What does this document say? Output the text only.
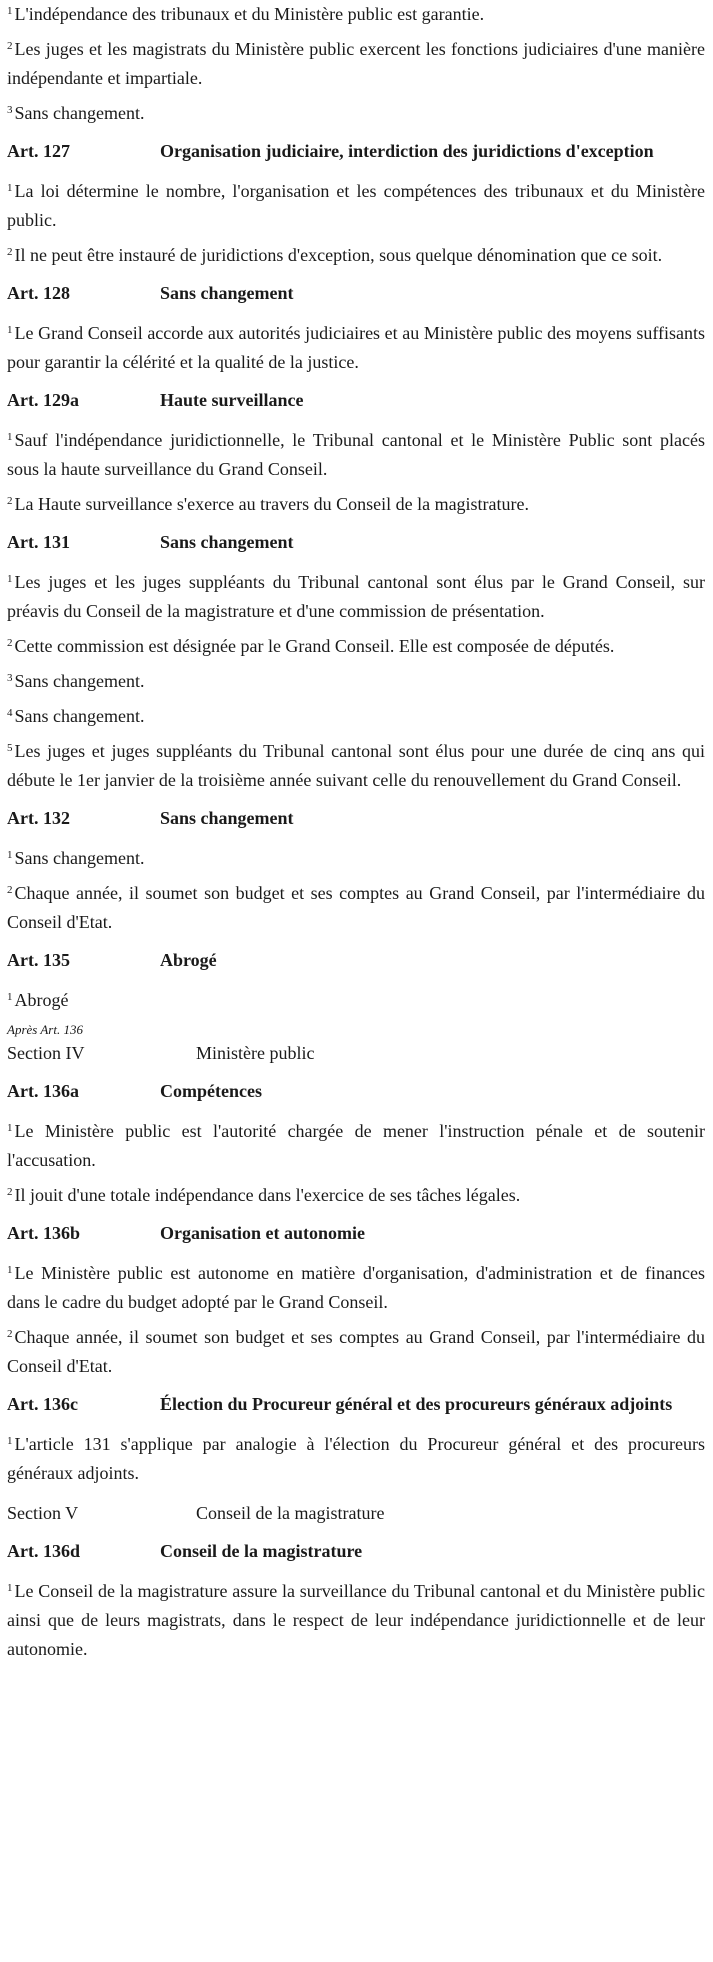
$^1$ L'indépendance des tribunaux et du Ministère public est garantie.

$^2$ Les juges et les magistrats du Ministère public exercent les fonctions judiciaires d'une manière indépendante et impartiale.

$^3$ Sans changement.

Art. 127	Organisation judiciaire, interdiction des juridictions d'exception

$^1$ La loi détermine le nombre, l'organisation et les compétences des tribunaux et du Ministère public.

$^2$ Il ne peut être instauré de juridictions d'exception, sous quelque dénomination que ce soit.

Art. 128	Sans changement

$^1$ Le Grand Conseil accorde aux autorités judiciaires et au Ministère public des moyens suffisants pour garantir la célérité et la qualité de la justice.

Art. 129a	Haute surveillance

$^1$ Sauf l'indépendance juridictionnelle, le Tribunal cantonal et le Ministère Public sont placés sous la haute surveillance du Grand Conseil.

$^2$ La Haute surveillance s'exerce au travers du Conseil de la magistrature.

Art. 131	Sans changement

$^1$ Les juges et les juges suppléants du Tribunal cantonal sont élus par le Grand Conseil, sur préavis du Conseil de la magistrature et d'une commission de présentation.

$^2$ Cette commission est désignée par le Grand Conseil. Elle est composée de députés.

$^3$ Sans changement.

$^4$ Sans changement.

$^5$ Les juges et juges suppléants du Tribunal cantonal sont élus pour une durée de cinq ans qui débute le 1er janvier de la troisième année suivant celle du renouvellement du Grand Conseil.

Art. 132	Sans changement

$^1$ Sans changement.

$^2$ Chaque année, il soumet son budget et ses comptes au Grand Conseil, par l'intermédiaire du Conseil d'Etat.

Art. 135	Abrogé

$^1$ Abrogé

Après Art. 136

Section IV	Ministère public
Art. 136a	Compétences

$^1$ Le Ministère public est l'autorité chargée de mener l'instruction pénale et de soutenir l'accusation.

$^2$ Il jouit d'une totale indépendance dans l'exercice de ses tâches légales.

Art. 136b	Organisation et autonomie

$^1$ Le Ministère public est autonome en matière d'organisation, d'administration et de finances dans le cadre du budget adopté par le Grand Conseil.

$^2$ Chaque année, il soumet son budget et ses comptes au Grand Conseil, par l'intermédiaire du Conseil d'Etat.

Art. 136c	Élection du Procureur général et des procureurs généraux adjoints

$^1$ L'article 131 s'applique par analogie à l'élection du Procureur général et des procureurs généraux adjoints.

Section V	Conseil de la magistrature
Art. 136d	Conseil de la magistrature

$^1$ Le Conseil de la magistrature assure la surveillance du Tribunal cantonal et du Ministère public ainsi que de leurs magistrats, dans le respect de leur indépendance juridictionnelle et de leur autonomie.
